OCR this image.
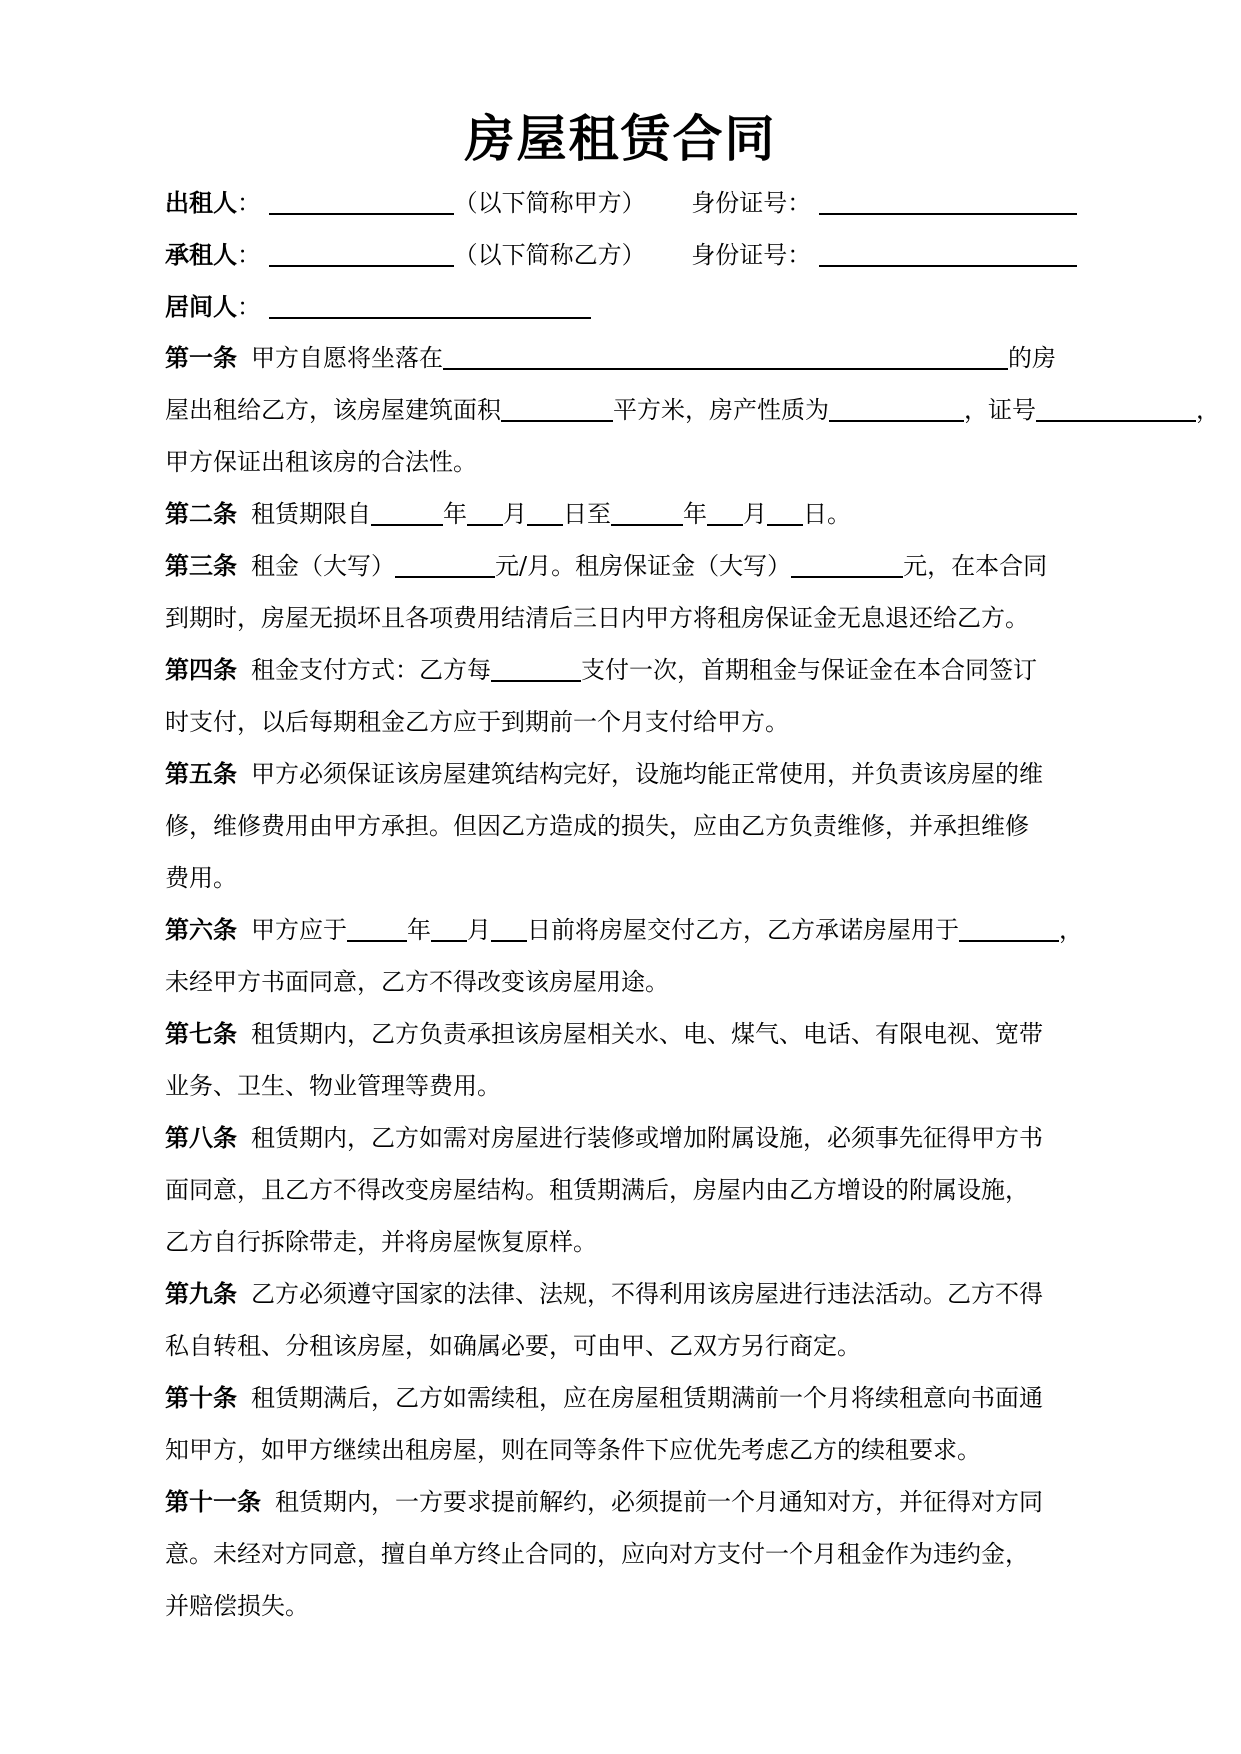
房屋租赁合同
出租人：	（以下简称甲方） 身份证号：
承租人：	（以下简称乙方） 身份证号：
居间人：
第一条 甲方自愿将坐落在	的房
屋出租给乙方，该房屋建筑面积	平方米，房产性质为	，证号	，
甲方保证出租该房的合法性。
第二条 租赁期限自	年 月 日至	年 月 日。
第三条 租金（大写）	元/月。租房保证金（大写）	元，在本合同
到期时，房屋无损坏且各项费用结清后三日内甲方将租房保证金无息退还给乙方。
第四条 租金支付方式：乙方每	支付一次，首期租金与保证金在本合同签订
时支付，以后每期租金乙方应于到期前一个月支付给甲方。
第五条 甲方必须保证该房屋建筑结构完好，设施均能正常使用，并负责该房屋的维
修，维修费用由甲方承担。但因乙方造成的损失，应由乙方负责维修，并承担维修
费用。
第六条 甲方应于	年 月 日前将房屋交付乙方，乙方承诺房屋用于	，
未经甲方书面同意，乙方不得改变该房屋用途。
第七条 租赁期内，乙方负责承担该房屋相关水、电、煤气、电话、有限电视、宽带
业务、卫生、物业管理等费用。
第八条 租赁期内，乙方如需对房屋进行装修或增加附属设施，必须事先征得甲方书
面同意，且乙方不得改变房屋结构。租赁期满后，房屋内由乙方增设的附属设施，
乙方自行拆除带走，并将房屋恢复原样。
第九条 乙方必须遵守国家的法律、法规，不得利用该房屋进行违法活动。乙方不得
私自转租、分租该房屋，如确属必要，可由甲、乙双方另行商定。
第十条 租赁期满后，乙方如需续租，应在房屋租赁期满前一个月将续租意向书面通
知甲方，如甲方继续出租房屋，则在同等条件下应优先考虑乙方的续租要求。
第十一条 租赁期内，一方要求提前解约，必须提前一个月通知对方，并征得对方同
意。未经对方同意，擅自单方终止合同的，应向对方支付一个月租金作为违约金，
并赔偿损失。
